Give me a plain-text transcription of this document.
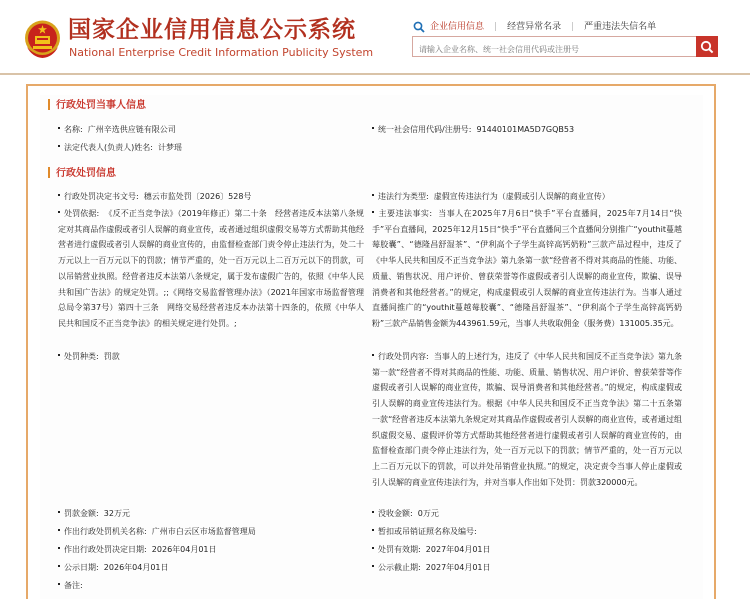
国家企业信用信息公示系统
National Enterprise Credit Information Publicity System
企业信用信息 | 经营异常名录 | 严重违法失信名单
请输入企业名称、统一社会信用代码或注册号
行政处罚当事人信息
名称: 广州辛选供应链有限公司	统一社会信用代码/注册号: 91440101MA5D7GQB53
法定代表人(负责人)姓名: 计梦瑶
行政处罚信息
行政处罚决定书文号: 穗云市监处罚〔2026〕528号	违法行为类型: 虚假宣传违法行为（虚假或引人误解的商业宣传）
处罚依据: 《反不正当竞争法》（2019年修正）第二十条　经营者违反本法第八条规定对其商品作虚假或者引人误解的商业宣传，或者通过组织虚假交易等方式帮助其他经营者进行虚假或者引人误解的商业宣传的，由监督检查部门责令停止违法行为，处二十万元以上一百万元以下的罚款；情节严重的，处一百万元以上二百万元以下的罚款，可以吊销营业执照。经营者违反本法第八条规定，属于发布虚假广告的，依照《中华人民共和国广告法》的规定处罚。;;《网络交易监督管理办法》（2021年国家市场监督管理总局令第37号）第四十三条　网络交易经营者违反本办法第十四条的，依照《中华人民共和国反不正当竞争法》的相关规定进行处罚。;
主要违法事实: 当事人在2025年7月6日“快手”平台直播间，2025年7月14日“快手”平台直播间，2025年12月15日“快手”平台直播间三个直播间分别推广“youthit蔓越莓胶囊”、“德隆昌舒湿茶”、“伊利高个子学生高锌高钙奶粉”三款产品过程中，违反了《中华人民共和国反不正当竞争法》第九条第一款“经营者不得对其商品的性能、功能、质量、销售状况、用户评价、曾获荣誉等作虚假或者引人误解的商业宣传，欺骗、误导消费者和其他经营者。”的规定，构成虚假或引人误解的商业宣传违法行为。当事人通过直播间推广的“youthit蔓越莓胶囊”、“德隆昌舒湿茶”、“伊利高个子学生高锌高钙奶粉”三款产品销售金额为443961.59元，当事人共收取佣金（服务费）131005.35元。
处罚种类: 罚款	行政处罚内容: 当事人的上述行为，违反了《中华人民共和国反不正当竞争法》第九条第一款“经营者不得对其商品的性能、功能、质量、销售状况、用户评价、曾获荣誉等作虚假或者引人误解的商业宣传，欺骗、误导消费者和其他经营者。”的规定，构成虚假或引人误解的商业宣传违法行为。根据《中华人民共和国反不正当竞争法》第二十五条第一款“经营者违反本法第九条规定对其商品作虚假或者引人误解的商业宣传，或者通过组织虚假交易、虚假评价等方式帮助其他经营者进行虚假或者引人误解的商业宣传的，由监督检查部门责令停止违法行为，处一百万元以下的罚款；情节严重的，处一百万元以上二百万元以下的罚款，可以并处吊销营业执照。”的规定，决定责令当事人停止虚假或引人误解的商业宣传违法行为，并对当事人作出如下处罚：罚款320000元。
罚款金额: 32万元	没收金额: 0万元
作出行政处罚机关名称: 广州市白云区市场监督管理局	暂扣或吊销证照名称及编号:
作出行政处罚决定日期: 2026年04月01日	处罚有效期: 2027年04月01日
公示日期: 2026年04月01日	公示截止期: 2027年04月01日
备注:
